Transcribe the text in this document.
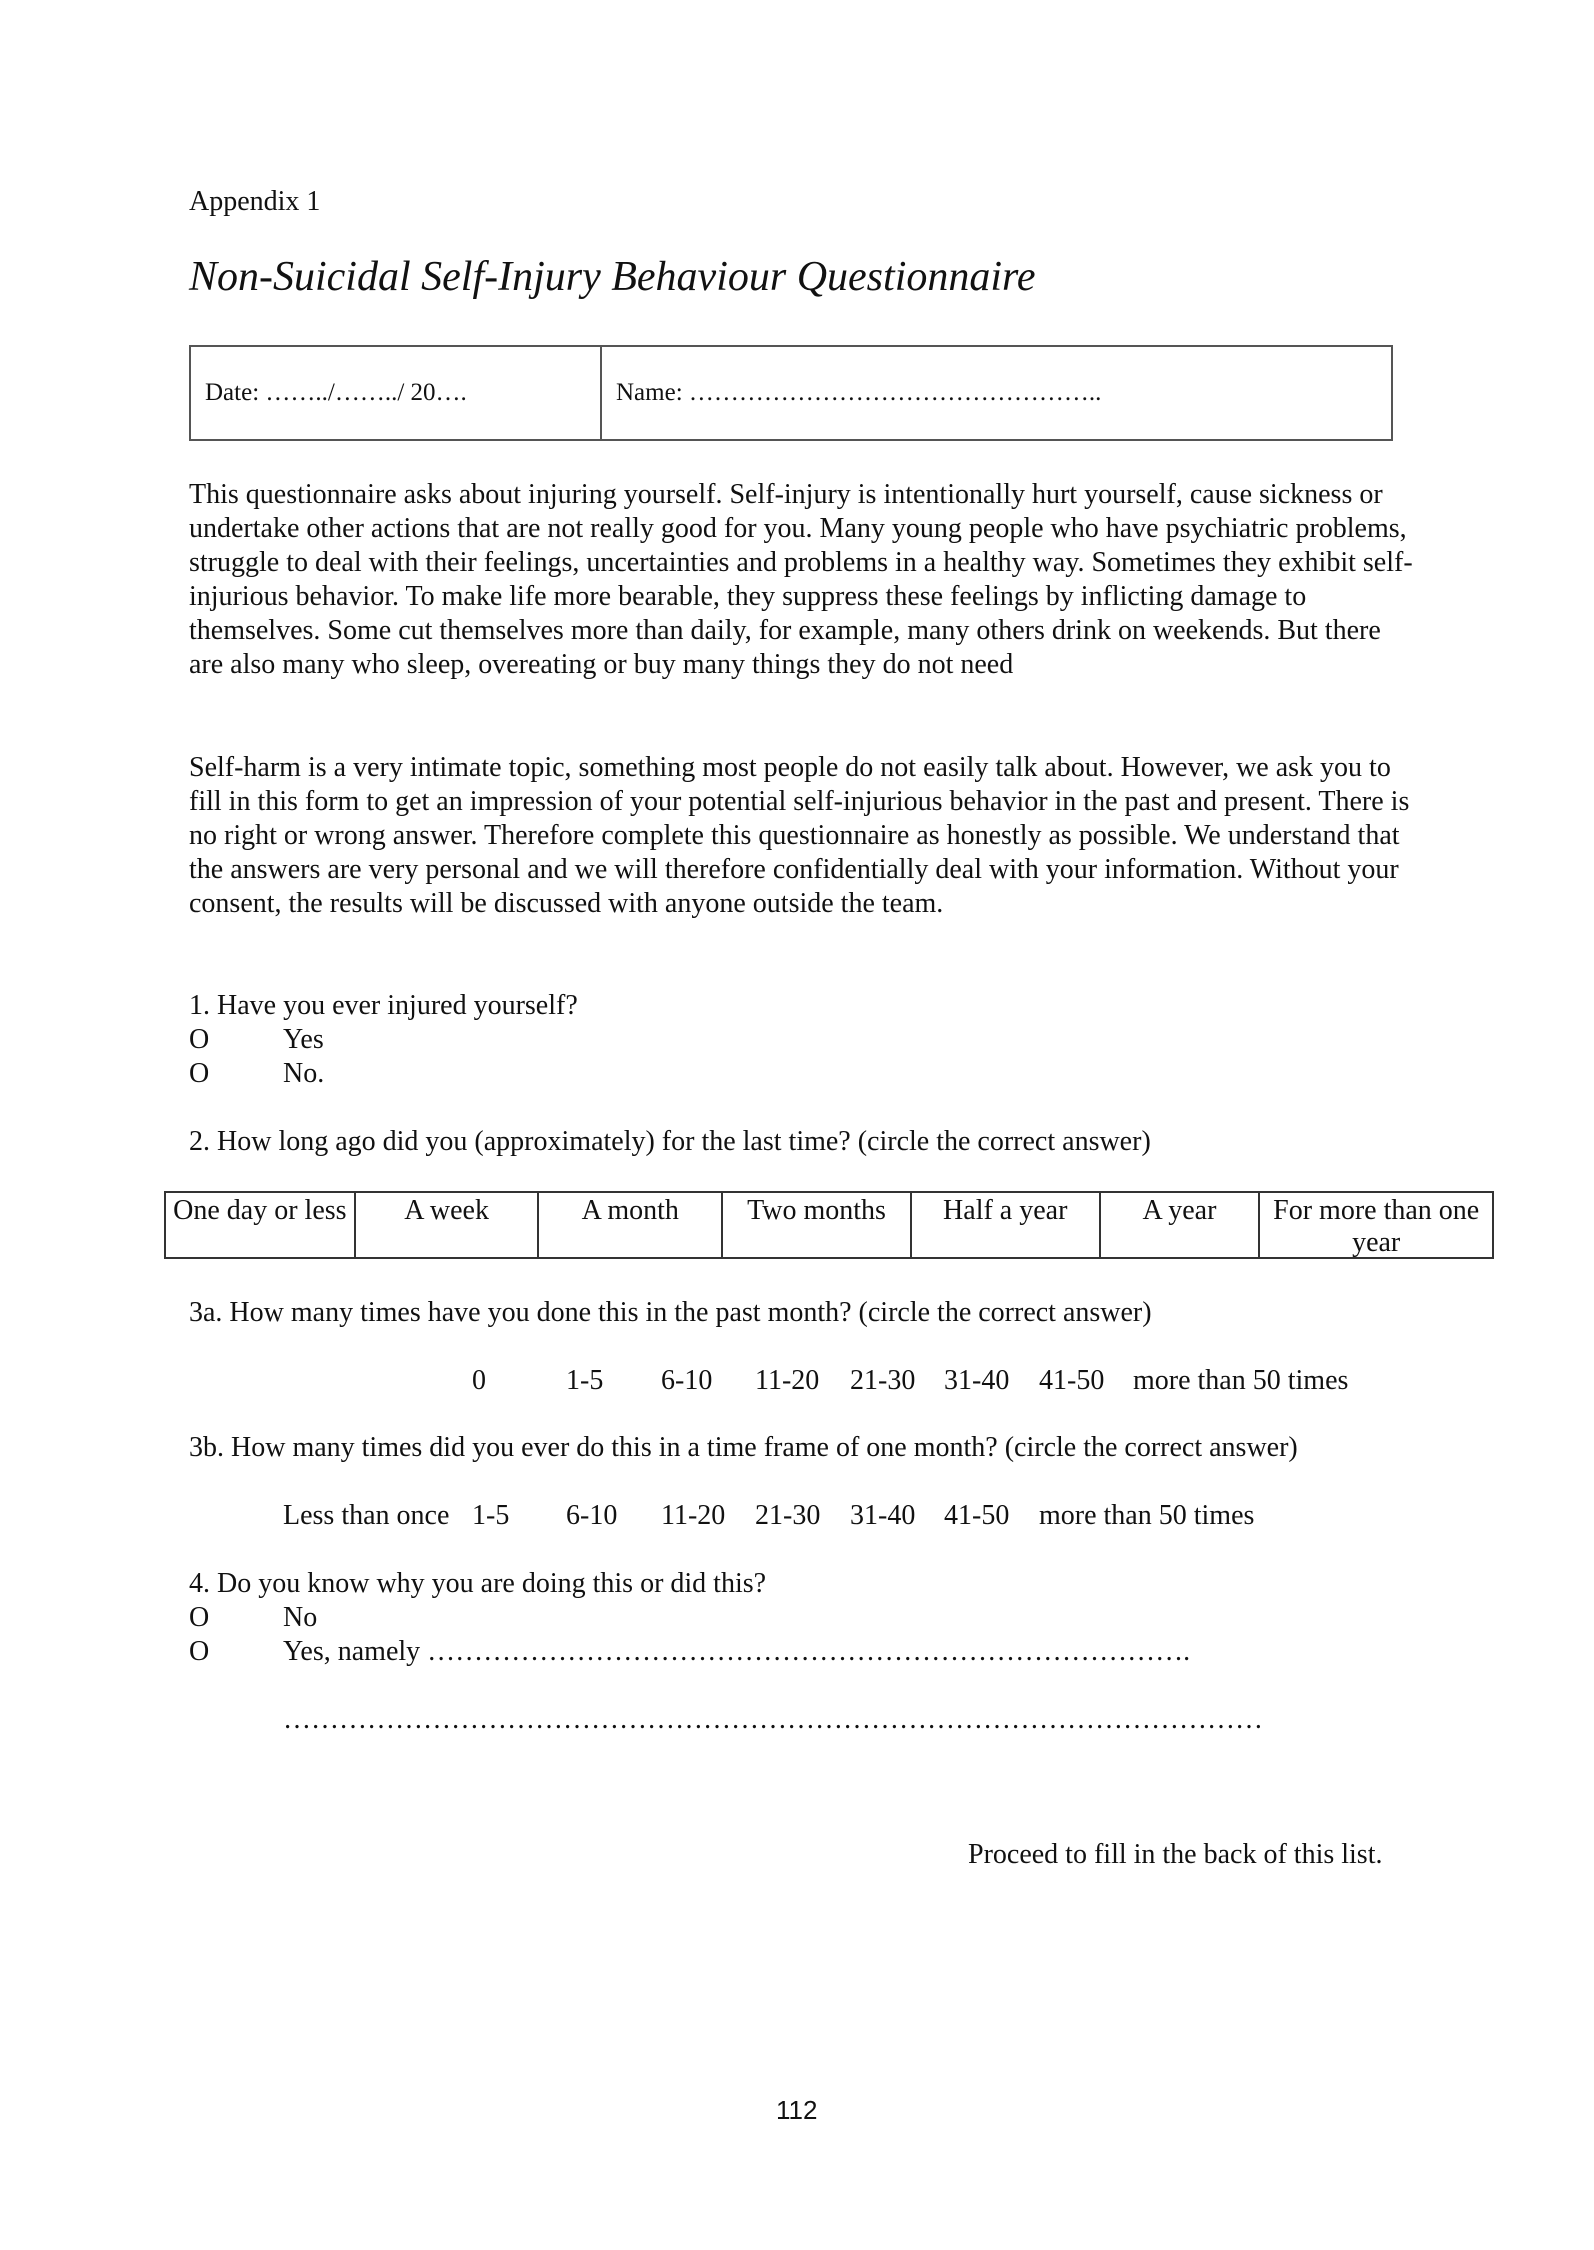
Appendix 1
Non-Suicidal Self-Injury Behaviour Questionnaire
Date: ……../……../ 20….	Name: …………………………………………..
This questionnaire asks about injuring yourself. Self-injury is intentionally hurt yourself, cause sickness or undertake other actions that are not really good for you. Many young people who have psychiatric problems, struggle to deal with their feelings, uncertainties and problems in a healthy way. Sometimes they exhibit self-injurious behavior. To make life more bearable, they suppress these feelings by inflicting damage to themselves. Some cut themselves more than daily, for example, many others drink on weekends. But there are also many who sleep, overeating or buy many things they do not need
Self-harm is a very intimate topic, something most people do not easily talk about. However, we ask you to fill in this form to get an impression of your potential self-injurious behavior in the past and present. There is no right or wrong answer. Therefore complete this questionnaire as honestly as possible. We understand that the answers are very personal and we will therefore confidentially deal with your information. Without your consent, the results will be discussed with anyone outside the team.
1. Have you ever injured yourself?
O	Yes
O	No.
2. How long ago did you (approximately) for the last time? (circle the correct answer)
One day or less	A week	A month	Two months	Half a year	A year	For more than one year
3a. How many times have you done this in the past month? (circle the correct answer)
0	1-5 6-10 11-20 21-30 31-40 41-50 more than 50 times
3b. How many times did you ever do this in a time frame of one month? (circle the correct answer)
Less than once 1-5 6-10 11-20 21-30 31-40 41-50 more than 50 times
4. Do you know why you are doing this or did this?
O	No
O	Yes, namely ……………………………………………………………………….
……………………………………………………………………………………………
Proceed to fill in the back of this list.
112
